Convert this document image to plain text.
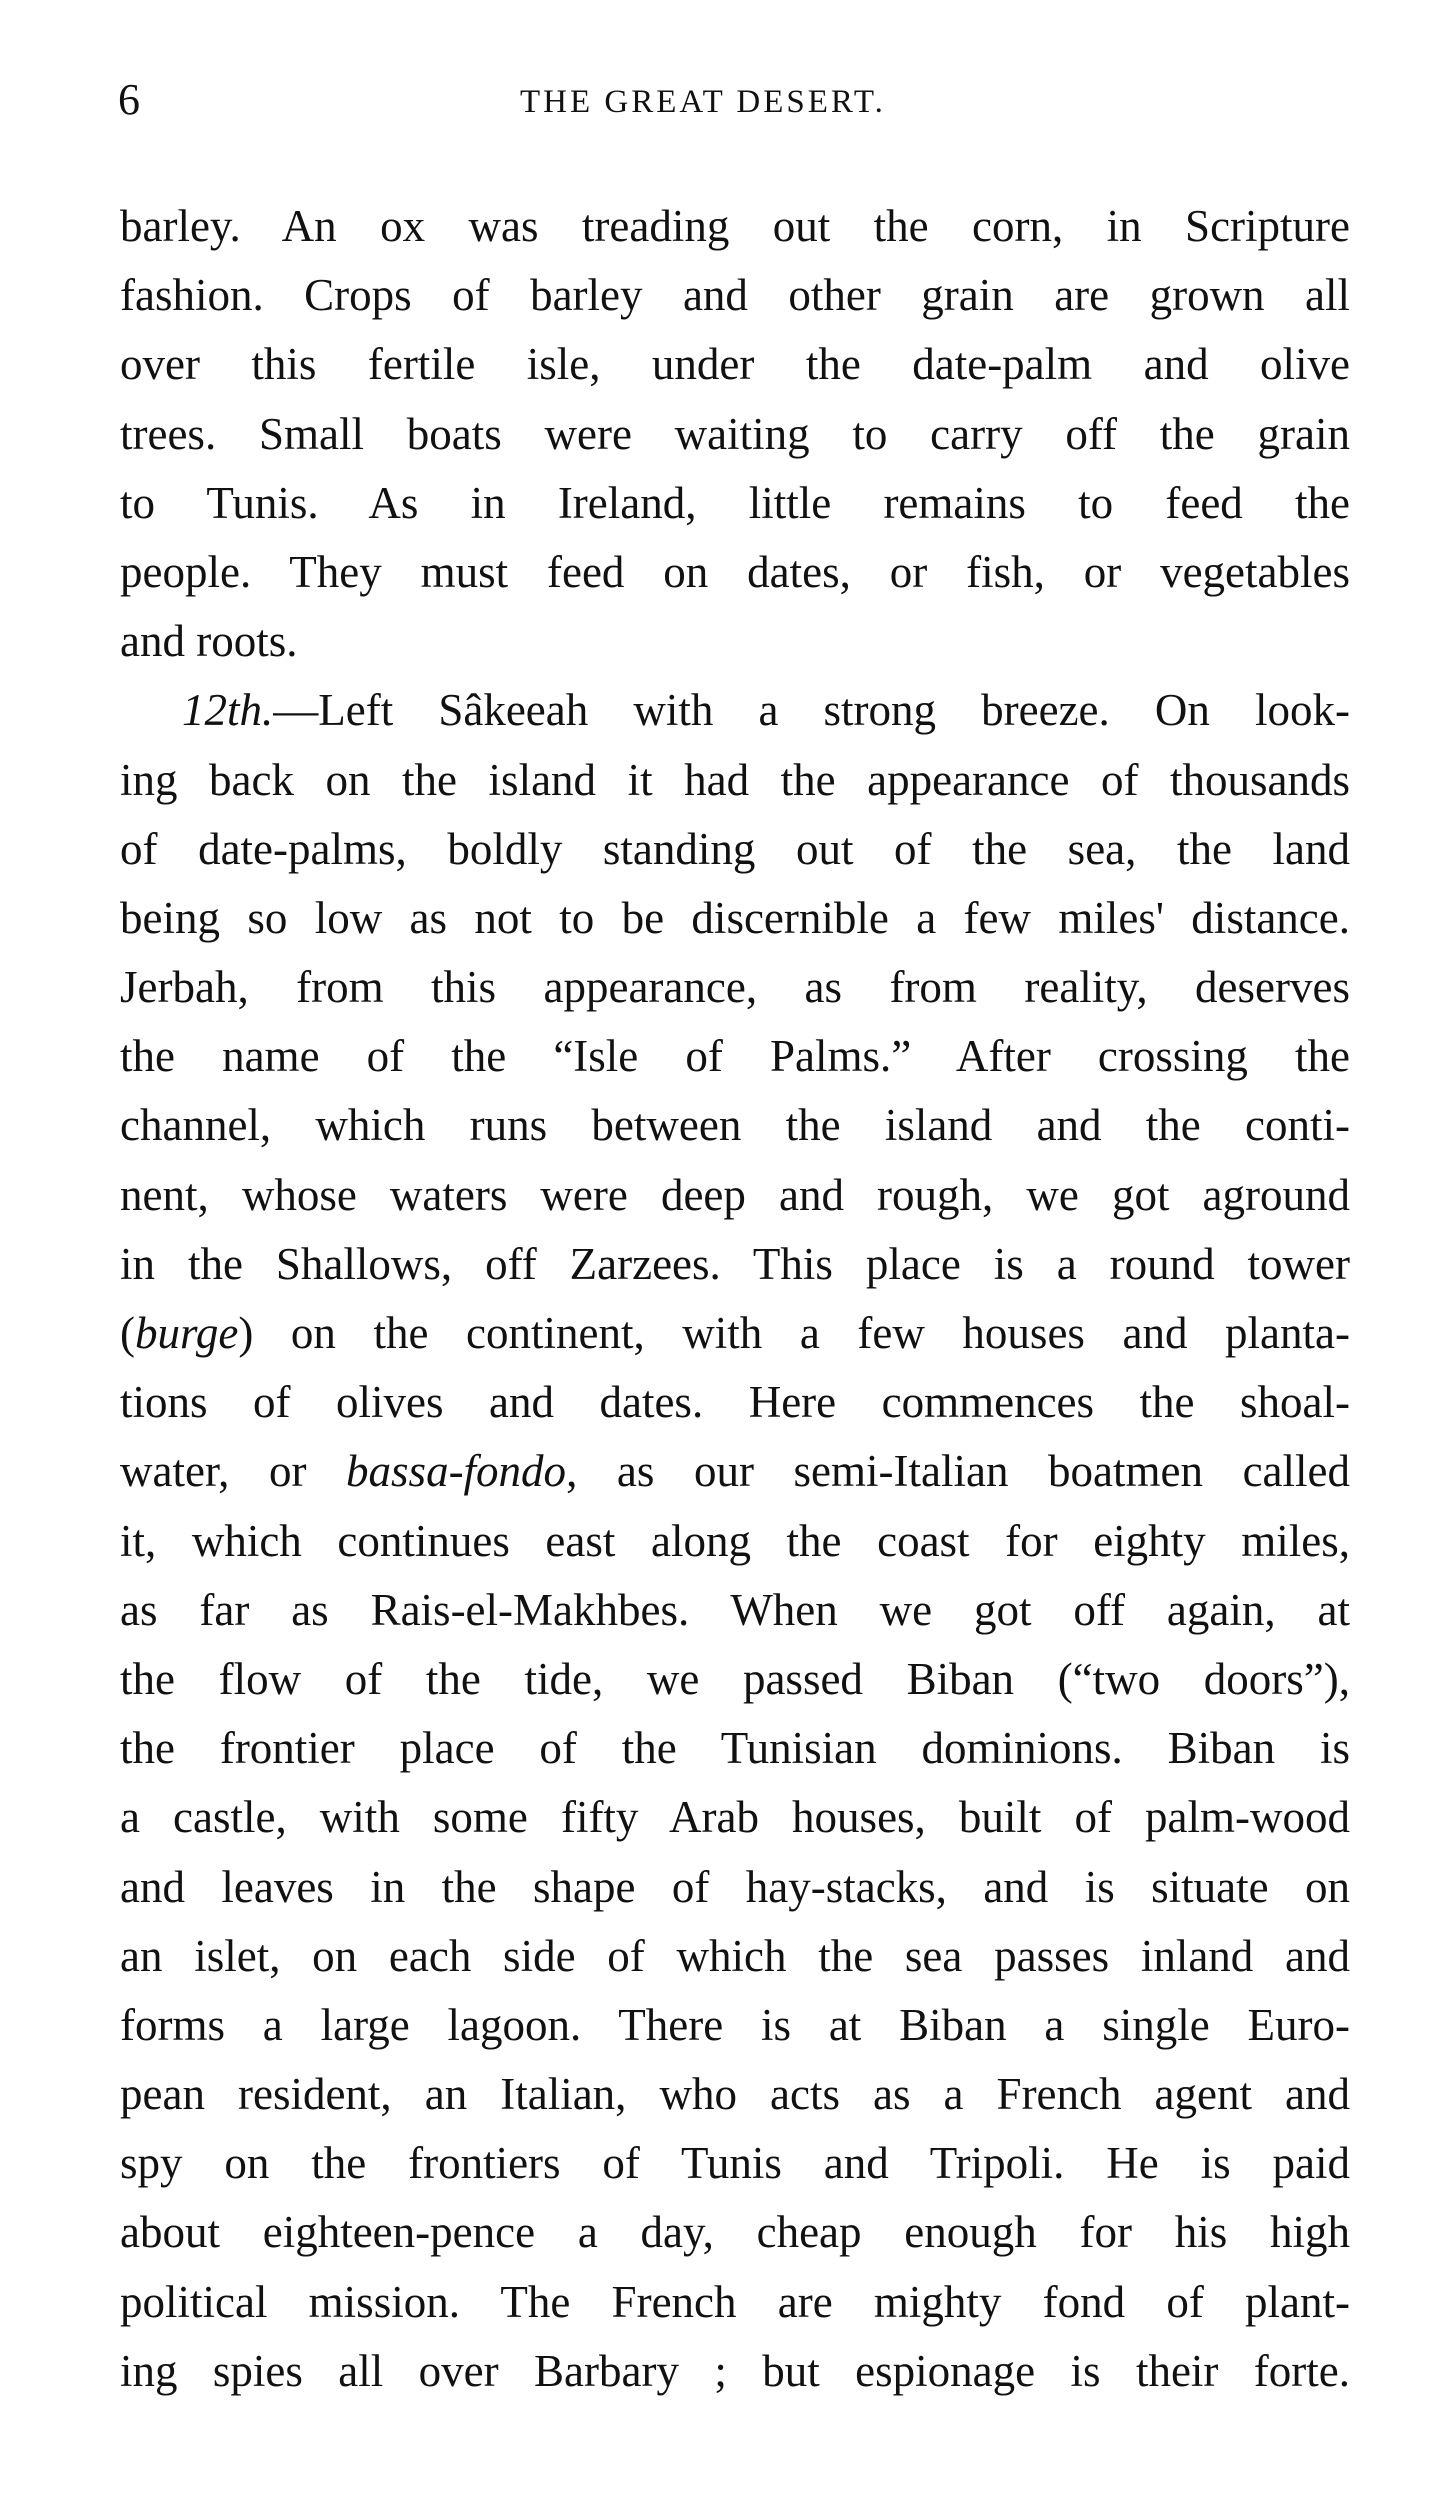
6	THE GREAT DESERT.
barley. An ox was treading out the corn, in Scripture
fashion. Crops of barley and other grain are grown all
over this fertile isle, under the date-palm and olive
trees. Small boats were waiting to carry off the grain
to Tunis. As in Ireland, little remains to feed the
people. They must feed on dates, or fish, or vegetables
and roots.
12th.—Left Sâkeeah with a strong breeze. On look-
ing back on the island it had the appearance of thousands
of date-palms, boldly standing out of the sea, the land
being so low as not to be discernible a few miles' distance.
Jerbah, from this appearance, as from reality, deserves
the name of the “Isle of Palms.” After crossing the
channel, which runs between the island and the conti-
nent, whose waters were deep and rough, we got aground
in the Shallows, off Zarzees. This place is a round tower
(burge) on the continent, with a few houses and planta-
tions of olives and dates. Here commences the shoal-
water, or bassa-fondo, as our semi-Italian boatmen called
it, which continues east along the coast for eighty miles,
as far as Rais-el-Makhbes. When we got off again, at
the flow of the tide, we passed Biban (“two doors”),
the frontier place of the Tunisian dominions. Biban is
a castle, with some fifty Arab houses, built of palm-wood
and leaves in the shape of hay-stacks, and is situate on
an islet, on each side of which the sea passes inland and
forms a large lagoon. There is at Biban a single Euro-
pean resident, an Italian, who acts as a French agent and
spy on the frontiers of Tunis and Tripoli. He is paid
about eighteen-pence a day, cheap enough for his high
political mission. The French are mighty fond of plant-
ing spies all over Barbary ; but espionage is their forte.
